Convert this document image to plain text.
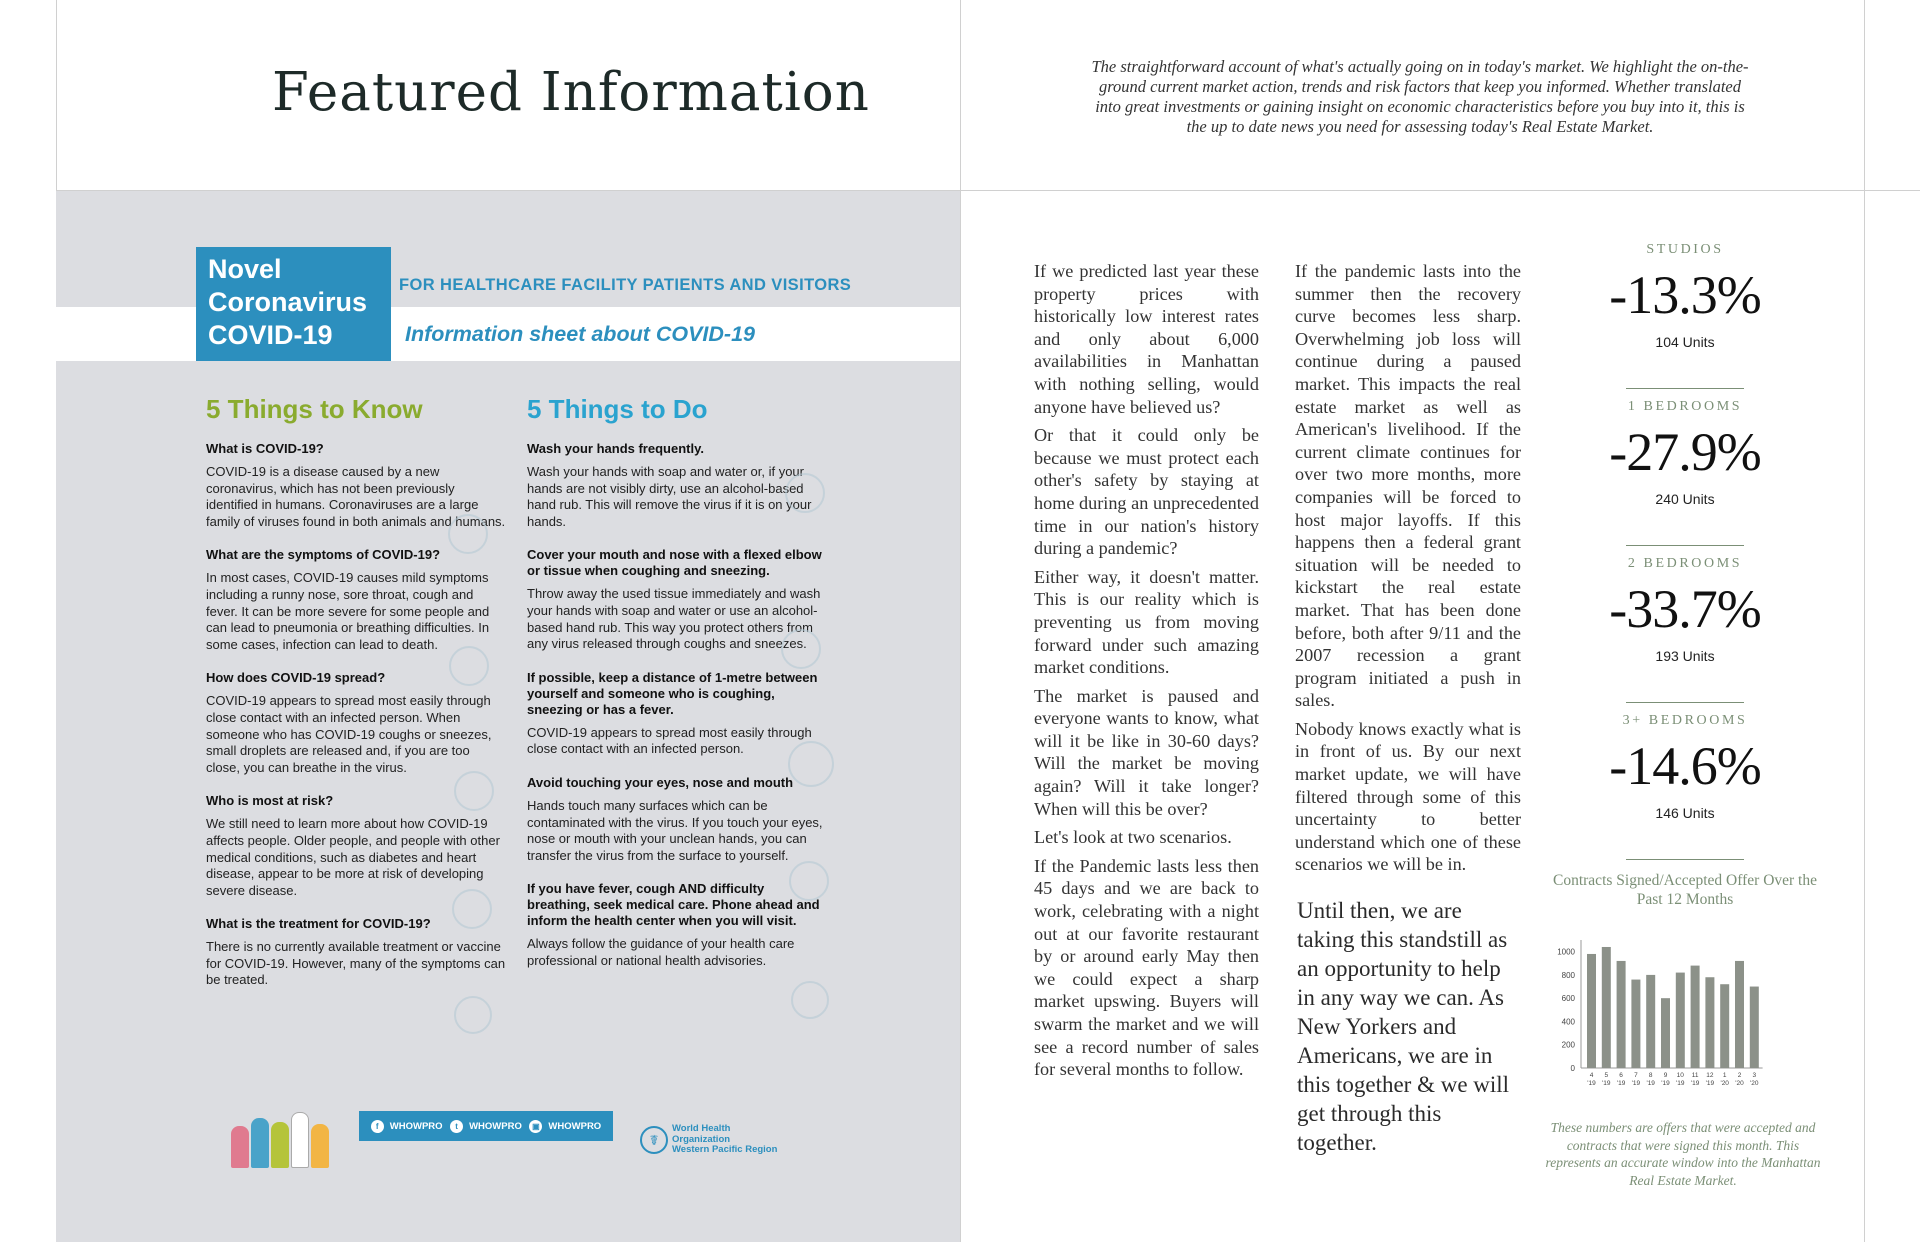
Featured Information	The straightforward account of what's actually going on in today's market. We highlight the on-the-ground current market action, trends and risk factors that keep you informed. Whether translated into great investments or gaining insight on economic characteristics before you buy into it, this is the up to date news you need for assessing today's Real Estate Market.

Novel
Coronavirus
COVID-19
FOR HEALTHCARE FACILITY PATIENTS AND VISITORS
Information sheet about COVID-19
5 Things to Know
What is COVID-19?

COVID-19 is a disease caused by a new coronavirus, which has not been previously identified in humans. Coronaviruses are a large family of viruses found in both animals and humans.

What are the symptoms of COVID-19?

In most cases, COVID-19 causes mild symptoms including a runny nose, sore throat, cough and fever. It can be more severe for some people and can lead to pneumonia or breathing difficulties. In some cases, infection can lead to death.

How does COVID-19 spread?

COVID-19 appears to spread most easily through close contact with an infected person. When someone who has COVID-19 coughs or sneezes, small droplets are released and, if you are too close, you can breathe in the virus.

Who is most at risk?

We still need to learn more about how COVID-19 affects people. Older people, and people with other medical conditions, such as diabetes and heart disease, appear to be more at risk of developing severe disease.

What is the treatment for COVID-19?

There is no currently available treatment or vaccine for COVID-19. However, many of the symptoms can be treated.

5 Things to Do
Wash your hands frequently.

Wash your hands with soap and water or, if your hands are not visibly dirty, use an alcohol-based hand rub. This will remove the virus if it is on your hands.

Cover your mouth and nose with a flexed elbow or tissue when coughing and sneezing.

Throw away the used tissue immediately and wash your hands with soap and water or use an alcohol-based hand rub. This way you protect others from any virus released through coughs and sneezes.

If possible, keep a distance of 1-metre between yourself and someone who is coughing, sneezing or has a fever.

COVID-19 appears to spread most easily through close contact with an infected person.

Avoid touching your eyes, nose and mouth

Hands touch many surfaces which can be contaminated with the virus. If you touch your eyes, nose or mouth with your unclean hands, you can transfer the virus from the surface to yourself.

If you have fever, cough AND difficulty breathing, seek medical care. Phone ahead and inform the health center when you will visit.

Always follow the guidance of your health care professional or national health advisories.

f	WHOWPRO	t	WHOWPRO	▣ WHOWPRO
☤
World Health
Organization
Western Pacific Region

If we predicted last year these property prices with historically low interest rates and only about 6,000 availabilities in Manhattan with nothing selling, would anyone have believed us?

Or that it could only be because we must protect each other's safety by staying at home during an unprecedented time in our nation's history during a pandemic?

Either way, it doesn't matter. This is our reality which is preventing us from moving forward under such amazing market conditions.

The market is paused and everyone wants to know, what will it be like in 30-60 days? Will the market be moving again? Will it take longer? When will this be over?

Let's look at two scenarios.

If the Pandemic lasts less then 45 days and we are back to work, celebrating with a night out at our favorite restaurant by or around early May then we could expect a sharp market upswing. Buyers will swarm the market and we will see a record number of sales for several months to follow.

If the pandemic lasts into the summer then the recovery curve becomes less sharp. Overwhelming job loss will continue during a paused market. This impacts the real estate market as well as American's livelihood. If the current climate continues for over two more months, more companies will be forced to host major layoffs. If this happens then a federal grant situation will be needed to kickstart the real estate market. That has been done before, both after 9/11 and the 2007 recession a grant program initiated a push in sales.

Nobody knows exactly what is in front of us. By our next market update, we will have filtered through some of this uncertainty to better understand which one of these scenarios we will be in.

Until then, we are taking this standstill as an opportunity to help in any way we can. As New Yorkers and Americans, we are in this together & we will get through this together.
STUDIOS
-13.3%
104 Units
1 BEDROOMS
-27.9%
240 Units
2 BEDROOMS
-33.7%
193 Units
3+ BEDROOMS
-14.6%
146 Units
Contracts Signed/Accepted Offer Over the Past 12 Months
0
200
400
600
800
1000
4
'19
5
'19
6
'19
7
'19
8
'19
9
'19
10
'19
11
'19
12
'19
1
'20
2
'20
3
'20
These numbers are offers that were accepted and contracts that were signed this month. This represents an accurate window into the Manhattan Real Estate Market.
